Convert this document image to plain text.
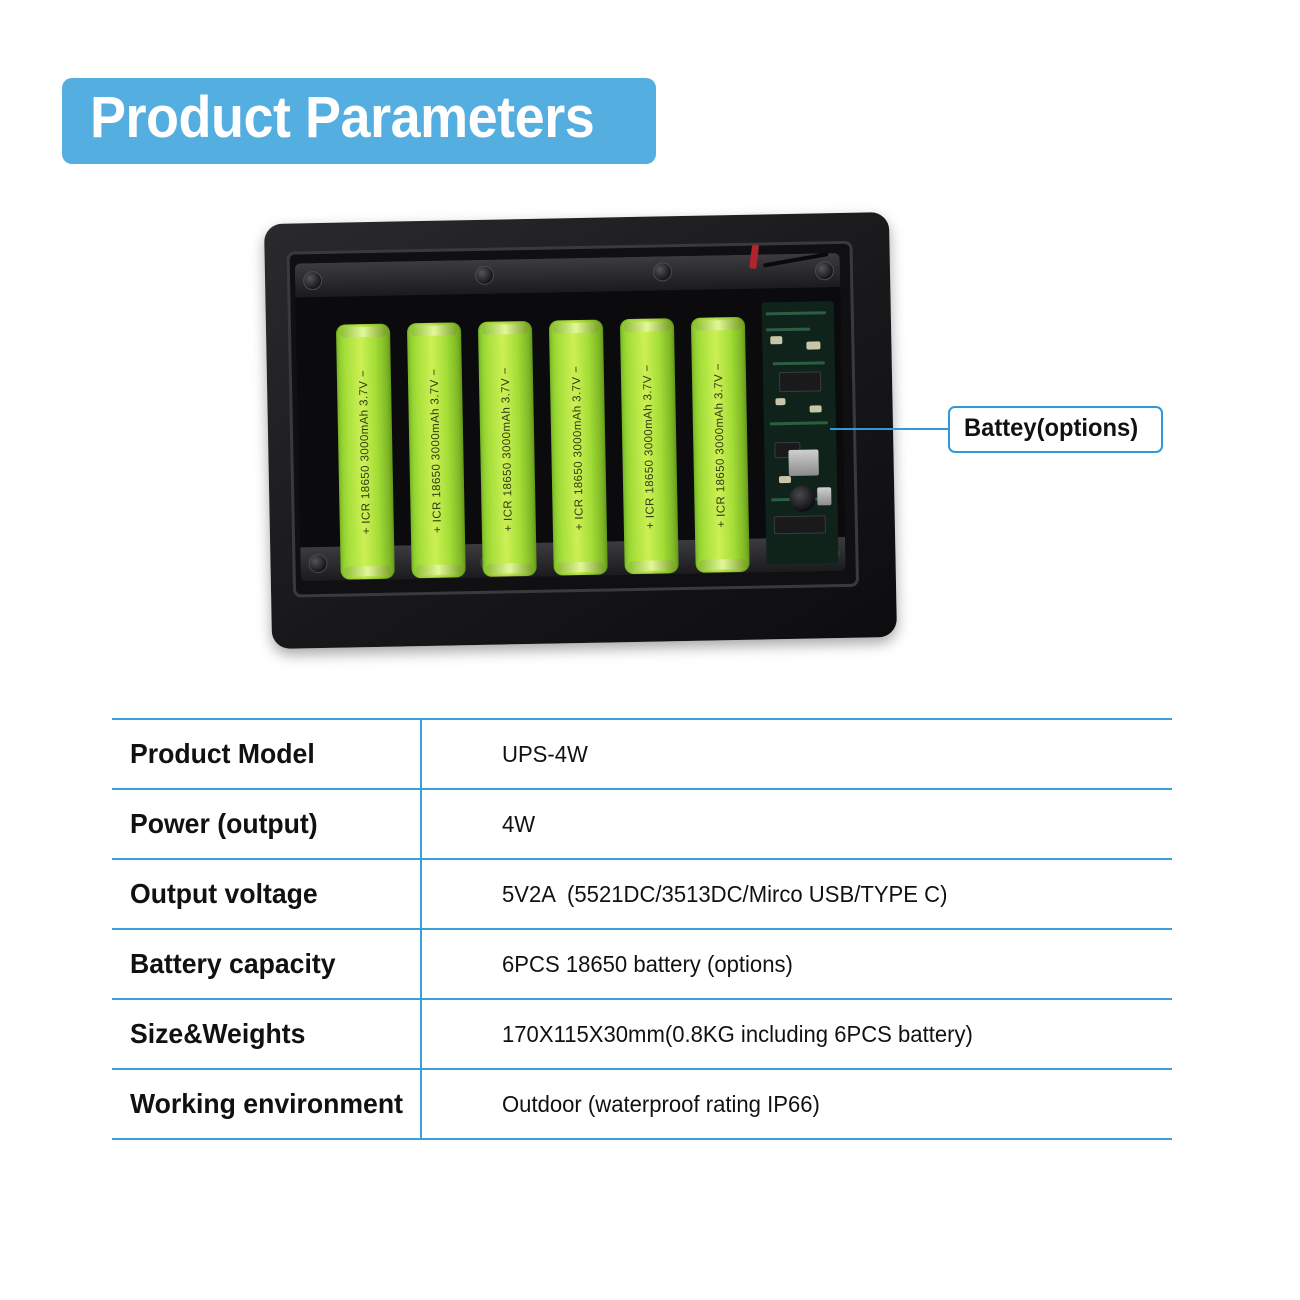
Product Parameters
+ ICR 18650 3000mAh 3.7V −	+ ICR 18650 3000mAh 3.7V −	+ ICR 18650 3000mAh 3.7V −	+ ICR 18650 3000mAh 3.7V −	+ ICR 18650 3000mAh 3.7V −	+ ICR 18650 3000mAh 3.7V −	Battey(options)
Product Model	UPS-4W
Power (output)	4W
Output voltage	5V2A (5521DC/3513DC/Mirco USB/TYPE C)
Battery capacity	6PCS 18650 battery (options)
Size&Weights	170X115X30mm(0.8KG including 6PCS battery)
Working environment	Outdoor (waterproof rating IP66)
